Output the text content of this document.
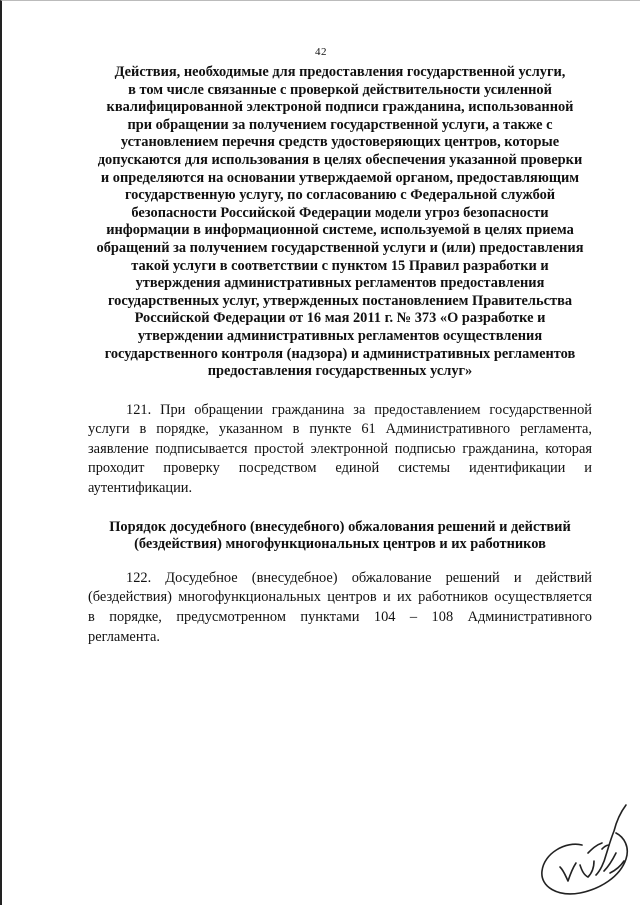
42
Действия, необходимые для предоставления государственной услуги,
в том числе связанные с проверкой действительности усиленной
квалифицированной электроной подписи гражданина, использованной
при обращении за получением государственной услуги, а также с
установлением перечня средств удостоверяющих центров, которые
допускаются для использования в целях обеспечения указанной проверки
и определяются на основании утверждаемой органом, предоставляющим
государственную услугу, по согласованию с Федеральной службой
безопасности Российской Федерации модели угроз безопасности
информации в информационной системе, используемой в целях приема
обращений за получением государственной услуги и (или) предоставления
такой услуги в соответствии с пунктом 15 Правил разработки и
утверждения административных регламентов предоставления
государственных услуг, утвержденных постановлением Правительства
Российской Федерации от 16 мая 2011 г. № 373 «О разработке и
утверждении административных регламентов осуществления
государственного контроля (надзора) и административных регламентов
предоставления государственных услуг»

121. При обращении гражданина за предоставлением государственной
услуги в порядке, указанном в пункте 61 Административного регламента,
заявление подписывается простой электронной подписью гражданина, которая
проходит проверку посредством единой системы идентификации и
аутентификации.

Порядок досудебного (внесудебного) обжалования решений и действий
(бездействия) многофункциональных центров и их работников

122. Досудебное (внесудебное) обжалование решений и действий
(бездействия) многофункциональных центров и их работников осуществляется
в порядке, предусмотренном пунктами 104 – 108 Административного
регламента.
